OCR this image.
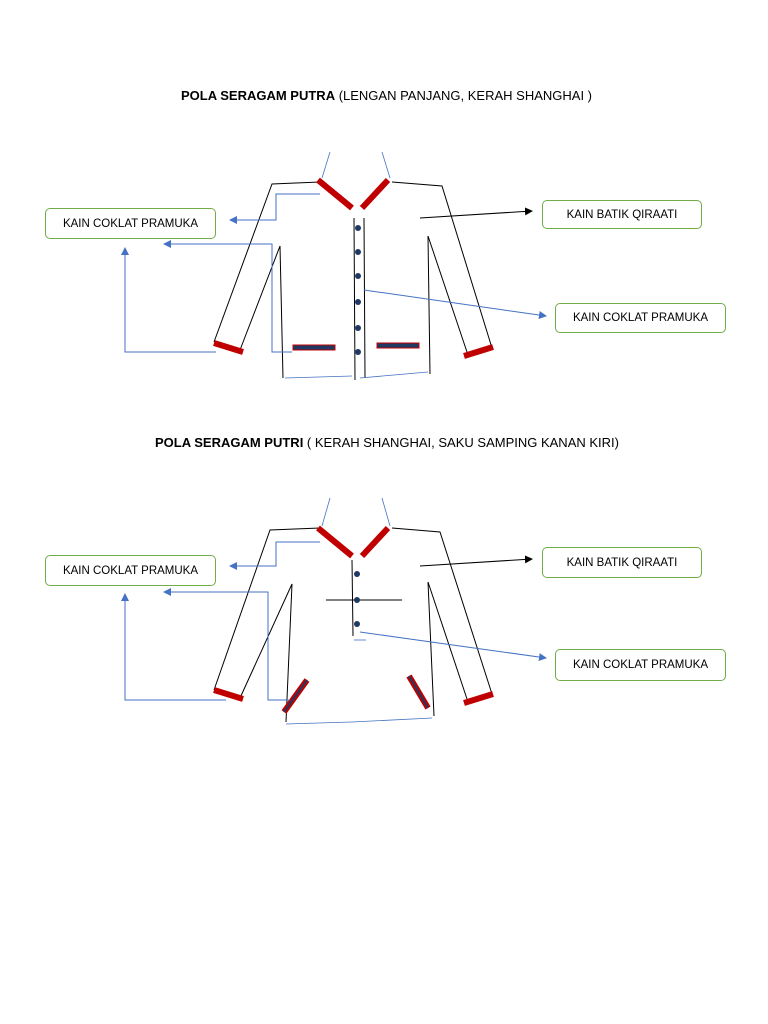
POLA SERAGAM PUTRA (LENGAN PANJANG, KERAH SHANGHAI )
POLA SERAGAM PUTRI ( KERAH SHANGHAI, SAKU SAMPING KANAN KIRI)
KAIN COKLAT PRAMUKA
KAIN BATIK QIRAATI
KAIN COKLAT PRAMUKA
KAIN COKLAT PRAMUKA
KAIN BATIK QIRAATI
KAIN COKLAT PRAMUKA
